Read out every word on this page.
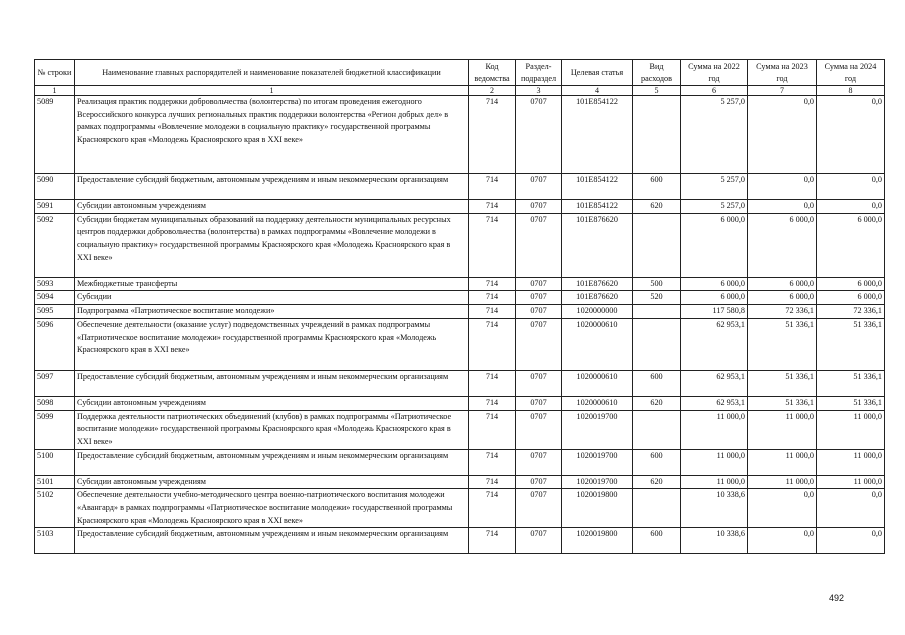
№ строки	Наименование главных распорядителей и наименование показателей бюджетной классификации	Код ведомства	Раздел-подраздел	Целевая статья	Вид расходов	Сумма на 2022 год	Сумма на 2023 год	Сумма на 2024 год
1	1	2	3	4	5	6	7	8
5089	Реализация практик поддержки добровольчества (волонтерства) по итогам проведения ежегодного Всероссийского конкурса лучших региональных практик поддержки волонтерства «Регион добрых дел» в рамках подпрограммы «Вовлечение молодежи в социальную практику» государственной программы Красноярского края «Молодежь Красноярского края в XXI веке»	714	0707	101E854122		5 257,0	0,0	0,0
5090	Предоставление субсидий бюджетным, автономным учреждениям и иным некоммерческим организациям	714	0707	101E854122	600	5 257,0	0,0	0,0
5091	Субсидии автономным учреждениям	714	0707	101E854122	620	5 257,0	0,0	0,0
5092	Субсидии бюджетам муниципальных образований на поддержку деятельности муниципальных ресурсных центров поддержки добровольчества (волонтерства) в рамках подпрограммы «Вовлечение молодежи в социальную практику» государственной программы Красноярского края «Молодежь Красноярского края в XXI веке»	714	0707	101E876620		6 000,0	6 000,0	6 000,0
5093	Межбюджетные трансферты	714	0707	101E876620	500	6 000,0	6 000,0	6 000,0
5094	Субсидии	714	0707	101E876620	520	6 000,0	6 000,0	6 000,0
5095	Подпрограмма «Патриотическое воспитание молодежи»	714	0707	1020000000		117 580,8	72 336,1	72 336,1
5096	Обеспечение деятельности (оказание услуг) подведомственных учреждений в рамках подпрограммы «Патриотическое воспитание молодежи» государственной программы Красноярского края «Молодежь Красноярского края в XXI веке»	714	0707	1020000610		62 953,1	51 336,1	51 336,1
5097	Предоставление субсидий бюджетным, автономным учреждениям и иным некоммерческим организациям	714	0707	1020000610	600	62 953,1	51 336,1	51 336,1
5098	Субсидии автономным учреждениям	714	0707	1020000610	620	62 953,1	51 336,1	51 336,1
5099	Поддержка деятельности патриотических объединений (клубов) в рамках подпрограммы «Патриотическое воспитание молодежи» государственной программы Красноярского края «Молодежь Красноярского края в XXI веке»	714	0707	1020019700		11 000,0	11 000,0	11 000,0
5100	Предоставление субсидий бюджетным, автономным учреждениям и иным некоммерческим организациям	714	0707	1020019700	600	11 000,0	11 000,0	11 000,0
5101	Субсидии автономным учреждениям	714	0707	1020019700	620	11 000,0	11 000,0	11 000,0
5102	Обеспечение деятельности учебно-методического центра военно-патриотического воспитания молодежи «Авангард» в рамках подпрограммы «Патриотическое воспитание молодежи» государственной программы Красноярского края «Молодежь Красноярского края в XXI веке»	714	0707	1020019800		10 338,6	0,0	0,0
5103	Предоставление субсидий бюджетным, автономным учреждениям и иным некоммерческим организациям	714	0707	1020019800	600	10 338,6	0,0	0,0
492
